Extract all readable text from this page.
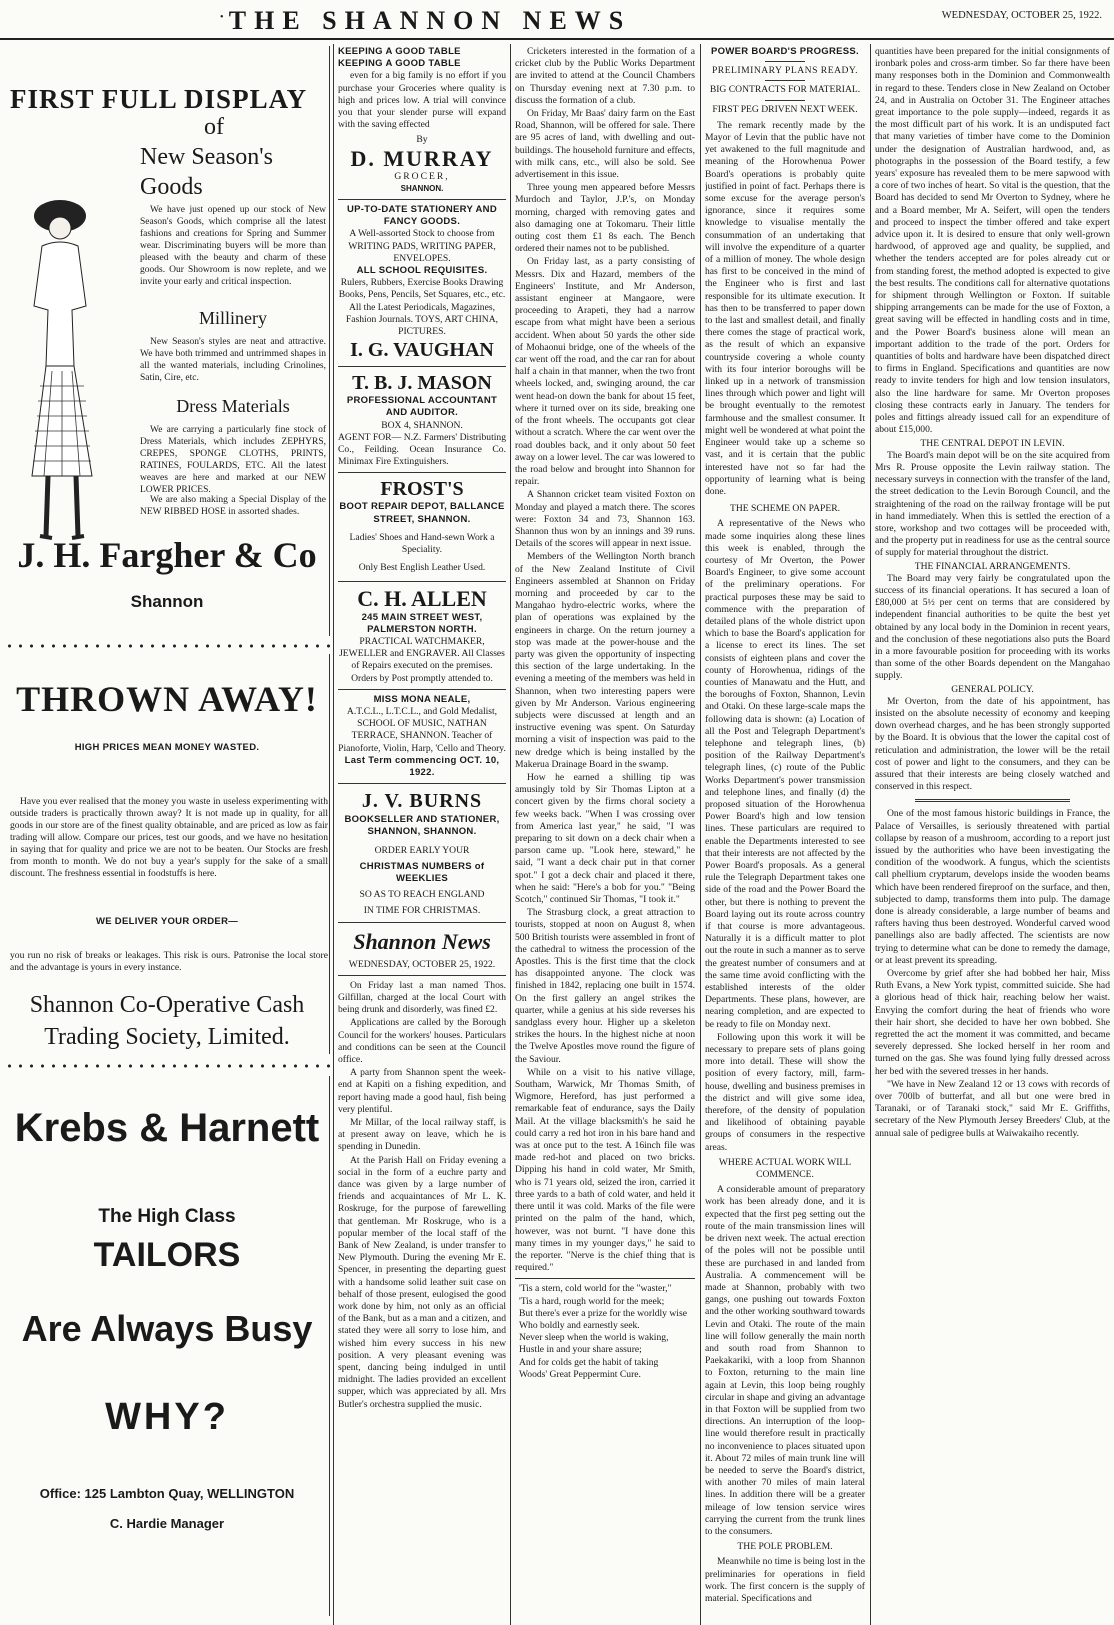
• THE SHANNON NEWS	WEDNESDAY, OCTOBER 25, 1922.
FIRST FULL DISPLAY
of
New Season's Goods
We have just opened up our stock of New Season's Goods, which comprise all the latest fashions and creations for Spring and Summer wear. Discriminating buyers will be more than pleased with the beauty and charm of these goods. Our Showroom is now replete, and we invite your early and critical inspection.
Millinery
New Season's styles are neat and attractive. We have both trimmed and untrimmed shapes in all the wanted materials, including Crinolines, Satin, Cire, etc.
Dress Materials
We are carrying a particularly fine stock of Dress Materials, which includes ZEPHYRS, CREPES, SPONGE CLOTHS, PRINTS, RATINES, FOULARDS, ETC. All the latest weaves are here and marked at our NEW LOWER PRICES.
We are also making a Special Display of the NEW RIBBED HOSE in assorted shades.
J. H. Fargher & Co
Shannon
THROWN AWAY!
HIGH PRICES MEAN MONEY WASTED.
Have you ever realised that the money you waste in useless experimenting with outside traders is practically thrown away? It is not made up in quality, for all goods in our store are of the finest quality obtainable, and are priced as low as fair trading will allow. Compare our prices, test our goods, and we have no hesitation in saying that for quality and price we are not to be beaten. Our Stocks are fresh from month to month. We do not buy a year's supply for the sake of a small discount. The freshness essential in foodstuffs is here.
WE DELIVER YOUR ORDER—
you run no risk of breaks or leakages. This risk is ours. Patronise the local store and the advantage is yours in every instance.
Shannon Co-Operative Cash
Trading Society, Limited.
Krebs & Harnett
The High Class
TAILORS
Are Always Busy
WHY?
Office: 125 Lambton Quay, WELLINGTON
C. Hardie Manager
KEEPING A GOOD TABLE
KEEPING A GOOD TABLE

even for a big family is no effort if you purchase your Groceries where quality is high and prices low. A trial will convince you that your slender purse will expand with the saving effected

By
D. MURRAY
GROCER,
SHANNON.
UP-TO-DATE STATIONERY AND FANCY GOODS.
A Well-assorted Stock to choose from WRITING PADS, WRITING PAPER, ENVELOPES.
ALL SCHOOL REQUISITES.
Rulers, Rubbers, Exercise Books Drawing Books, Pens, Pencils, Set Squares, etc., etc. All the Latest Periodicals, Magazines, Fashion Journals. TOYS, ART CHINA, PICTURES.
I. G. VAUGHAN
T. B. J. MASON
PROFESSIONAL ACCOUNTANT AND AUDITOR.
BOX 4, SHANNON.
AGENT FOR— N.Z. Farmers' Distributing Co., Feilding. Ocean Insurance Co. Minimax Fire Extinguishers.
FROST'S
BOOT REPAIR DEPOT, BALLANCE STREET, SHANNON.
Ladies' Shoes and Hand-sewn Work a Speciality.
Only Best English Leather Used.
C. H. ALLEN
245 MAIN STREET WEST, PALMERSTON NORTH.
PRACTICAL WATCHMAKER, JEWELLER and ENGRAVER. All Classes of Repairs executed on the premises. Orders by Post promptly attended to.
MISS MONA NEALE,
A.T.C.L., L.T.C.L., and Gold Medalist, SCHOOL OF MUSIC, NATHAN TERRACE, SHANNON. Teacher of Pianoforte, Violin, Harp, 'Cello and Theory.
Last Term commencing OCT. 10, 1922.
J. V. BURNS
BOOKSELLER AND STATIONER, SHANNON, SHANNON.
ORDER EARLY YOUR
CHRISTMAS NUMBERS of WEEKLIES
SO AS TO REACH ENGLAND
IN TIME FOR CHRISTMAS.
Shannon News
WEDNESDAY, OCTOBER 25, 1922.

On Friday last a man named Thos. Gilfillan, charged at the local Court with being drunk and disorderly, was fined £2.

Applications are called by the Borough Council for the workers' houses. Particulars and conditions can be seen at the Council office.

A party from Shannon spent the week-end at Kapiti on a fishing expedition, and report having made a good haul, fish being very plentiful.

Mr Millar, of the local railway staff, is at present away on leave, which he is spending in Dunedin.

At the Parish Hall on Friday evening a social in the form of a euchre party and dance was given by a large number of friends and acquaintances of Mr L. K. Roskruge, for the purpose of farewelling that gentleman. Mr Roskruge, who is a popular member of the local staff of the Bank of New Zealand, is under transfer to New Plymouth. During the evening Mr E. Spencer, in presenting the departing guest with a handsome solid leather suit case on behalf of those present, eulogised the good work done by him, not only as an official of the Bank, but as a man and a citizen, and stated they were all sorry to lose him, and wished him every success in his new position. A very pleasant evening was spent, dancing being indulged in until midnight. The ladies provided an excellent supper, which was appreciated by all. Mrs Butler's orchestra supplied the music.

Cricketers interested in the formation of a cricket club by the Public Works Department are invited to attend at the Council Chambers on Thursday evening next at 7.30 p.m. to discuss the formation of a club.

On Friday, Mr Baas' dairy farm on the East Road, Shannon, will be offered for sale. There are 95 acres of land, with dwelling and out-buildings. The household furniture and effects, with milk cans, etc., will also be sold. See advertisement in this issue.

Three young men appeared before Messrs Murdoch and Taylor, J.P.'s, on Monday morning, charged with removing gates and also damaging one at Tokomaru. Their little outing cost them £1 8s each. The Bench ordered their names not to be published.

On Friday last, as a party consisting of Messrs. Dix and Hazard, members of the Engineers' Institute, and Mr Anderson, assistant engineer at Mangaore, were proceeding to Arapeti, they had a narrow escape from what might have been a serious accident. When about 50 yards the other side of Mohaonui bridge, one of the wheels of the car went off the road, and the car ran for about half a chain in that manner, when the two front wheels locked, and, swinging around, the car went head-on down the bank for about 15 feet, where it turned over on its side, breaking one of the front wheels. The occupants got clear without a scratch. Where the car went over the road doubles back, and it only about 50 feet away on a lower level. The car was lowered to the road below and brought into Shannon for repair.

A Shannon cricket team visited Foxton on Monday and played a match there. The scores were: Foxton 34 and 73, Shannon 163. Shannon thus won by an innings and 39 runs. Details of the scores will appear in next issue.

Members of the Wellington North branch of the New Zealand Institute of Civil Engineers assembled at Shannon on Friday morning and proceeded by car to the Mangahao hydro-electric works, where the plan of operations was explained by the engineers in charge. On the return journey a stop was made at the power-house and the party was given the opportunity of inspecting this section of the large undertaking. In the evening a meeting of the members was held in Shannon, when two interesting papers were given by Mr Anderson. Various engineering subjects were discussed at length and an instructive evening was spent. On Saturday morning a visit of inspection was paid to the new dredge which is being installed by the Makerua Drainage Board in the swamp.

How he earned a shilling tip was amusingly told by Sir Thomas Lipton at a concert given by the firms choral society a few weeks back. "When I was crossing over from America last year," he said, "I was preparing to sit down on a deck chair when a parson came up. "Look here, steward," he said, "I want a deck chair put in that corner spot." I got a deck chair and placed it there, when he said: "Here's a bob for you." "Being Scotch," continued Sir Thomas, "I took it."

The Strasburg clock, a great attraction to tourists, stopped at noon on August 8, when 500 British tourists were assembled in front of the cathedral to witness the procession of the Apostles. This is the first time that the clock has disappointed anyone. The clock was finished in 1842, replacing one built in 1574. On the first gallery an angel strikes the quarter, while a genius at his side reverses his sandglass every hour. Higher up a skeleton strikes the hours. In the highest niche at noon the Twelve Apostles move round the figure of the Saviour.

While on a visit to his native village, Southam, Warwick, Mr Thomas Smith, of Wigmore, Hereford, has just performed a remarkable feat of endurance, says the Daily Mail. At the village blacksmith's he said he could carry a red hot iron in his bare hand and was at once put to the test. A 16inch file was made red-hot and placed on two bricks. Dipping his hand in cold water, Mr Smith, who is 71 years old, seized the iron, carried it three yards to a bath of cold water, and held it there until it was cold. Marks of the file were printed on the palm of the hand, which, however, was not burnt. "I have done this many times in my younger days," he said to the reporter. "Nerve is the chief thing that is required."

'Tis a stern, cold world for the "waster,"
'Tis a hard, rough world for the meek;
But there's ever a prize for the worldly wise
Who boldly and earnestly seek.
Never sleep when the world is waking,
Hustle in and your share assure;
And for colds get the habit of taking
Woods' Great Peppermint Cure.
POWER BOARD'S PROGRESS.
PRELIMINARY PLANS READY.
BIG CONTRACTS FOR MATERIAL.
FIRST PEG DRIVEN NEXT WEEK.

The remark recently made by the Mayor of Levin that the public have not yet awakened to the full magnitude and meaning of the Horowhenua Power Board's operations is probably quite justified in point of fact. Perhaps there is some excuse for the average person's ignorance, since it requires some knowledge to visualise mentally the consummation of an undertaking that will involve the expenditure of a quarter of a million of money. The whole design has first to be conceived in the mind of the Engineer who is first and last responsible for its ultimate execution. It has then to be transferred to paper down to the last and smallest detail, and finally there comes the stage of practical work, as the result of which an expansive countryside covering a whole county with its four interior boroughs will be linked up in a network of transmission lines through which power and light will be brought eventually to the remotest farmhouse and the smallest consumer. It might well be wondered at what point the Engineer would take up a scheme so vast, and it is certain that the public interested have not so far had the opportunity of learning what is being done.

THE SCHEME ON PAPER.

A representative of the News who made some inquiries along these lines this week is enabled, through the courtesy of Mr Overton, the Power Board's Engineer, to give some account of the preliminary operations. For practical purposes these may be said to commence with the preparation of detailed plans of the whole district upon which to base the Board's application for a license to erect its lines. The set consists of eighteen plans and cover the county of Horowhenua, ridings of the counties of Manawatu and the Hutt, and the boroughs of Foxton, Shannon, Levin and Otaki. On these large-scale maps the following data is shown: (a) Location of all the Post and Telegraph Department's telephone and telegraph lines, (b) position of the Railway Department's telegraph lines, (c) route of the Public Works Department's power transmission and telephone lines, and finally (d) the proposed situation of the Horowhenua Power Board's high and low tension lines. These particulars are required to enable the Departments interested to see that their interests are not affected by the Power Board's proposals. As a general rule the Telegraph Department takes one side of the road and the Power Board the other, but there is nothing to prevent the Board laying out its route across country if that course is more advantageous. Naturally it is a difficult matter to plot out the route in such a manner as to serve the greatest number of consumers and at the same time avoid conflicting with the established interests of the older Departments. These plans, however, are nearing completion, and are expected to be ready to file on Monday next.

Following upon this work it will be necessary to prepare sets of plans going more into detail. These will show the position of every factory, mill, farm-house, dwelling and business premises in the district and will give some idea, therefore, of the density of population and likelihood of obtaining payable groups of consumers in the respective areas.

WHERE ACTUAL WORK WILL COMMENCE.

A considerable amount of preparatory work has been already done, and it is expected that the first peg setting out the route of the main transmission lines will be driven next week. The actual erection of the poles will not be possible until these are purchased in and landed from Australia. A commencement will be made at Shannon, probably with two gangs, one pushing out towards Foxton and the other working southward towards Levin and Otaki. The route of the main line will follow generally the main north and south road from Shannon to Paekakariki, with a loop from Shannon to Foxton, returning to the main line again at Levin, this loop being roughly circular in shape and giving an advantage in that Foxton will be supplied from two directions. An interruption of the loop-line would therefore result in practically no inconvenience to places situated upon it. About 72 miles of main trunk line will be needed to serve the Board's district, with another 70 miles of main lateral lines. In addition there will be a greater mileage of low tension service wires carrying the current from the trunk lines to the consumers.

THE POLE PROBLEM.

Meanwhile no time is being lost in the preliminaries for operations in field work. The first concern is the supply of material. Specifications and

quantities have been prepared for the initial consignments of ironbark poles and cross-arm timber. So far there have been many responses both in the Dominion and Commonwealth in regard to these. Tenders close in New Zealand on October 24, and in Australia on October 31. The Engineer attaches great importance to the pole supply—indeed, regards it as the most difficult part of his work. It is an undisputed fact that many varieties of timber have come to the Dominion under the designation of Australian hardwood, and, as photographs in the possession of the Board testify, a few years' exposure has revealed them to be mere sapwood with a core of two inches of heart. So vital is the question, that the Board has decided to send Mr Overton to Sydney, where he and a Board member, Mr A. Seifert, will open the tenders and proceed to inspect the timber offered and take expert advice upon it. It is desired to ensure that only well-grown hardwood, of approved age and quality, be supplied, and whether the tenders accepted are for poles already cut or from standing forest, the method adopted is expected to give the best results. The conditions call for alternative quotations for shipment through Wellington or Foxton. If suitable shipping arrangements can be made for the use of Foxton, a great saving will be effected in handling costs and in time, and the Power Board's business alone will mean an important addition to the trade of the port. Orders for quantities of bolts and hardware have been dispatched direct to firms in England. Specifications and quantities are now ready to invite tenders for high and low tension insulators, also the line hardware for same. Mr Overton proposes closing these contracts early in January. The tenders for poles and fittings already issued call for an expenditure of about £15,000.

THE CENTRAL DEPOT IN LEVIN.

The Board's main depot will be on the site acquired from Mrs R. Prouse opposite the Levin railway station. The necessary surveys in connection with the transfer of the land, the street dedication to the Levin Borough Council, and the straightening of the road on the railway frontage will be put in hand immediately. When this is settled the erection of a store, workshop and two cottages will be proceeded with, and the property put in readiness for use as the central source of supply for material throughout the district.

THE FINANCIAL ARRANGEMENTS.

The Board may very fairly be congratulated upon the success of its financial operations. It has secured a loan of £80,000 at 5½ per cent on terms that are considered by independent financial authorities to be quite the best yet obtained by any local body in the Dominion in recent years, and the conclusion of these negotiations also puts the Board in a more favourable position for proceeding with its works than some of the other Boards dependent on the Mangahao supply.

GENERAL POLICY.

Mr Overton, from the date of his appointment, has insisted on the absolute necessity of economy and keeping down overhead charges, and he has been strongly supported by the Board. It is obvious that the lower the capital cost of reticulation and administration, the lower will be the retail cost of power and light to the consumers, and they can be assured that their interests are being closely watched and conserved in this respect.

One of the most famous historic buildings in France, the Palace of Versailles, is seriously threatened with partial collapse by reason of a mushroom, according to a report just issued by the authorities who have been investigating the condition of the woodwork. A fungus, which the scientists call phellium cryptarum, develops inside the wooden beams which have been rendered fireproof on the surface, and then, subjected to damp, transforms them into pulp. The damage done is already considerable, a large number of beams and rafters having thus been destroyed. Wonderful carved wood panellings also are badly affected. The scientists are now trying to determine what can be done to remedy the damage, or at least prevent its spreading.

Overcome by grief after she had bobbed her hair, Miss Ruth Evans, a New York typist, committed suicide. She had a glorious head of thick hair, reaching below her waist. Envying the comfort during the heat of friends who wore their hair short, she decided to have her own bobbed. She regretted the act the moment it was committed, and became severely depressed. She locked herself in her room and turned on the gas. She was found lying fully dressed across her bed with the severed tresses in her hands.

"We have in New Zealand 12 or 13 cows with records of over 700lb of butterfat, and all but one were bred in Taranaki, or of Taranaki stock," said Mr E. Griffiths, secretary of the New Plymouth Jersey Breeders' Club, at the annual sale of pedigree bulls at Waiwakaiho recently.
